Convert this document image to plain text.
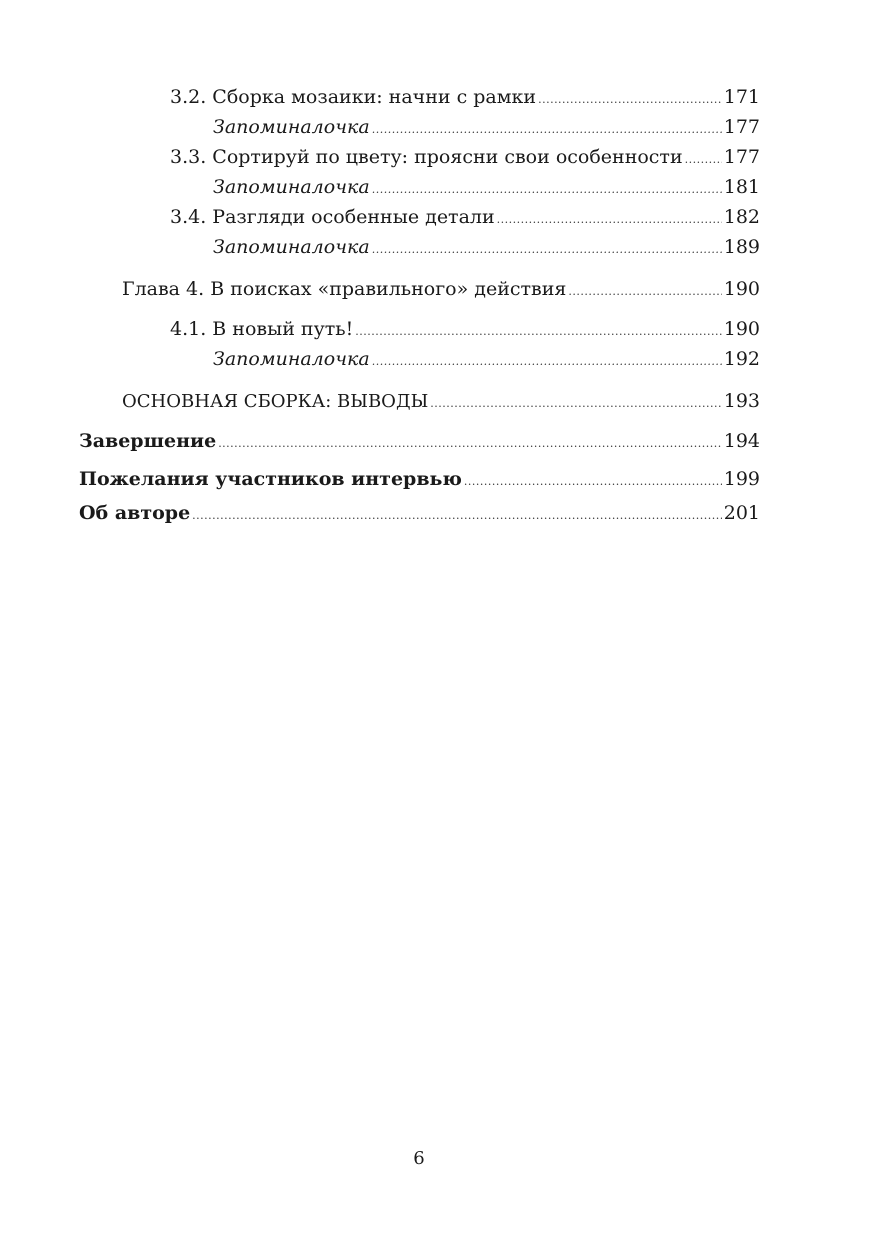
3.2. Сборка мозаики: начни с рамки .....	171
Запоминалочка .....	177
3.3. Сортируй по цвету: проясни свои особенности ..... 177
Запоминалочка .....	181
3.4. Разгляди особенные детали .....	182
Запоминалочка .....	189
Глава 4. В поисках «правильного» действия .....	190
4.1. В новый путь! .....	190
Запоминалочка .....	192
ОСНОВНАЯ СБОРКА: ВЫВОДЫ .....	193
Завершение .....	194
Пожелания участников интервью .....	199
Об авторе .....	201
6
